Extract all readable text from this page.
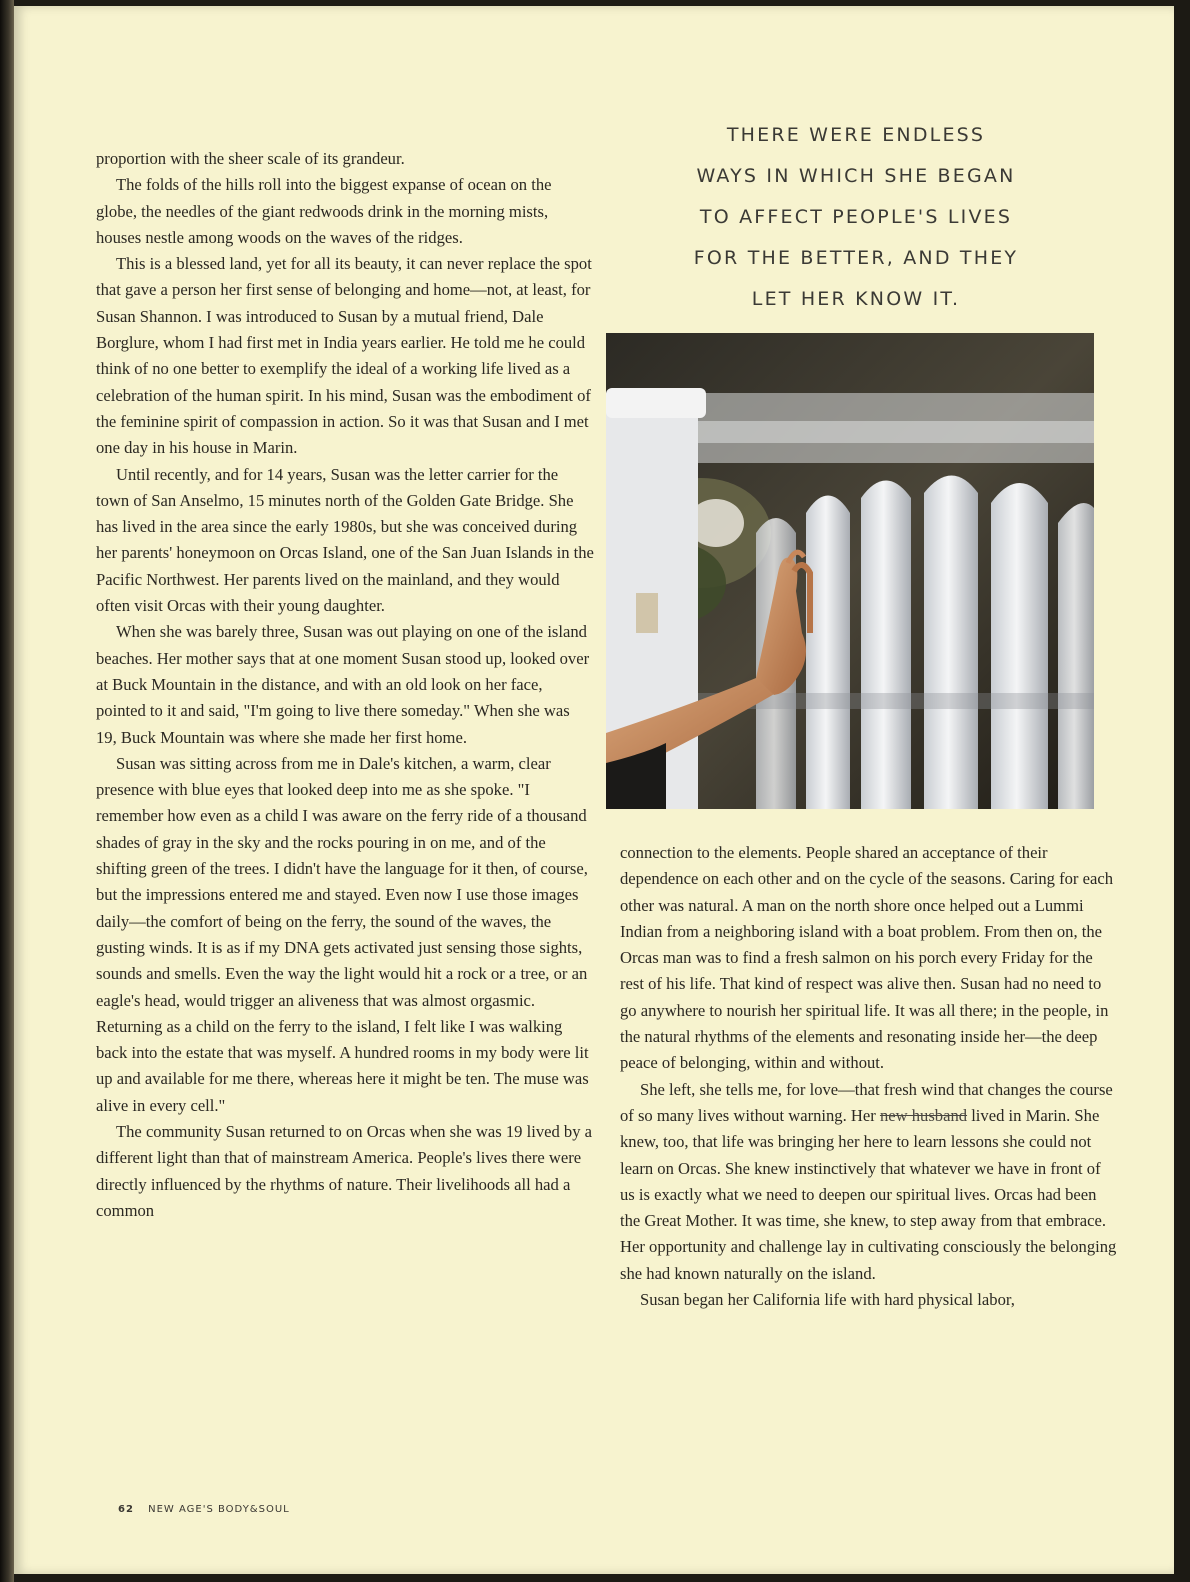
proportion with the sheer scale of its grandeur.

The folds of the hills roll into the biggest expanse of ocean on the globe, the needles of the giant redwoods drink in the morning mists, houses nestle among woods on the waves of the ridges.

This is a blessed land, yet for all its beauty, it can never replace the spot that gave a person her first sense of belonging and home—not, at least, for Susan Shannon. I was introduced to Susan by a mutual friend, Dale Borglure, whom I had first met in India years earlier. He told me he could think of no one better to exemplify the ideal of a working life lived as a celebration of the human spirit. In his mind, Susan was the embodiment of the feminine spirit of compassion in action. So it was that Susan and I met one day in his house in Marin.

Until recently, and for 14 years, Susan was the letter carrier for the town of San Anselmo, 15 minutes north of the Golden Gate Bridge. She has lived in the area since the early 1980s, but she was conceived during her parents' honeymoon on Orcas Island, one of the San Juan Islands in the Pacific Northwest. Her parents lived on the mainland, and they would often visit Orcas with their young daughter.

When she was barely three, Susan was out playing on one of the island beaches. Her mother says that at one moment Susan stood up, looked over at Buck Mountain in the distance, and with an old look on her face, pointed to it and said, "I'm going to live there someday." When she was 19, Buck Mountain was where she made her first home.

Susan was sitting across from me in Dale's kitchen, a warm, clear presence with blue eyes that looked deep into me as she spoke. "I remember how even as a child I was aware on the ferry ride of a thousand shades of gray in the sky and the rocks pouring in on me, and of the shifting green of the trees. I didn't have the language for it then, of course, but the impressions entered me and stayed. Even now I use those images daily—the comfort of being on the ferry, the sound of the waves, the gusting winds. It is as if my DNA gets activated just sensing those sights, sounds and smells. Even the way the light would hit a rock or a tree, or an eagle's head, would trigger an aliveness that was almost orgasmic. Returning as a child on the ferry to the island, I felt like I was walking back into the estate that was myself. A hundred rooms in my body were lit up and available for me there, whereas here it might be ten. The muse was alive in every cell."

The community Susan returned to on Orcas when she was 19 lived by a different light than that of mainstream America. People's lives there were directly influenced by the rhythms of nature. Their livelihoods all had a common

THERE WERE ENDLESS
WAYS IN WHICH SHE BEGAN
TO AFFECT PEOPLE'S LIVES
FOR THE BETTER, AND THEY
LET HER KNOW IT.

connection to the elements. People shared an acceptance of their dependence on each other and on the cycle of the seasons. Caring for each other was natural. A man on the north shore once helped out a Lummi Indian from a neighboring island with a boat problem. From then on, the Orcas man was to find a fresh salmon on his porch every Friday for the rest of his life. That kind of respect was alive then. Susan had no need to go anywhere to nourish her spiritual life. It was all there; in the people, in the natural rhythms of the elements and resonating inside her—the deep peace of belonging, within and without.

She left, she tells me, for love—that fresh wind that changes the course of so many lives without warning. Her new husband lived in Marin. She knew, too, that life was bringing her here to learn lessons she could not learn on Orcas. She knew instinctively that whatever we have in front of us is exactly what we need to deepen our spiritual lives. Orcas had been the Great Mother. It was time, she knew, to step away from that embrace. Her opportunity and challenge lay in cultivating consciously the belonging she had known naturally on the island.

Susan began her California life with hard physical labor,

62 NEW AGE'S BODY&SOUL
